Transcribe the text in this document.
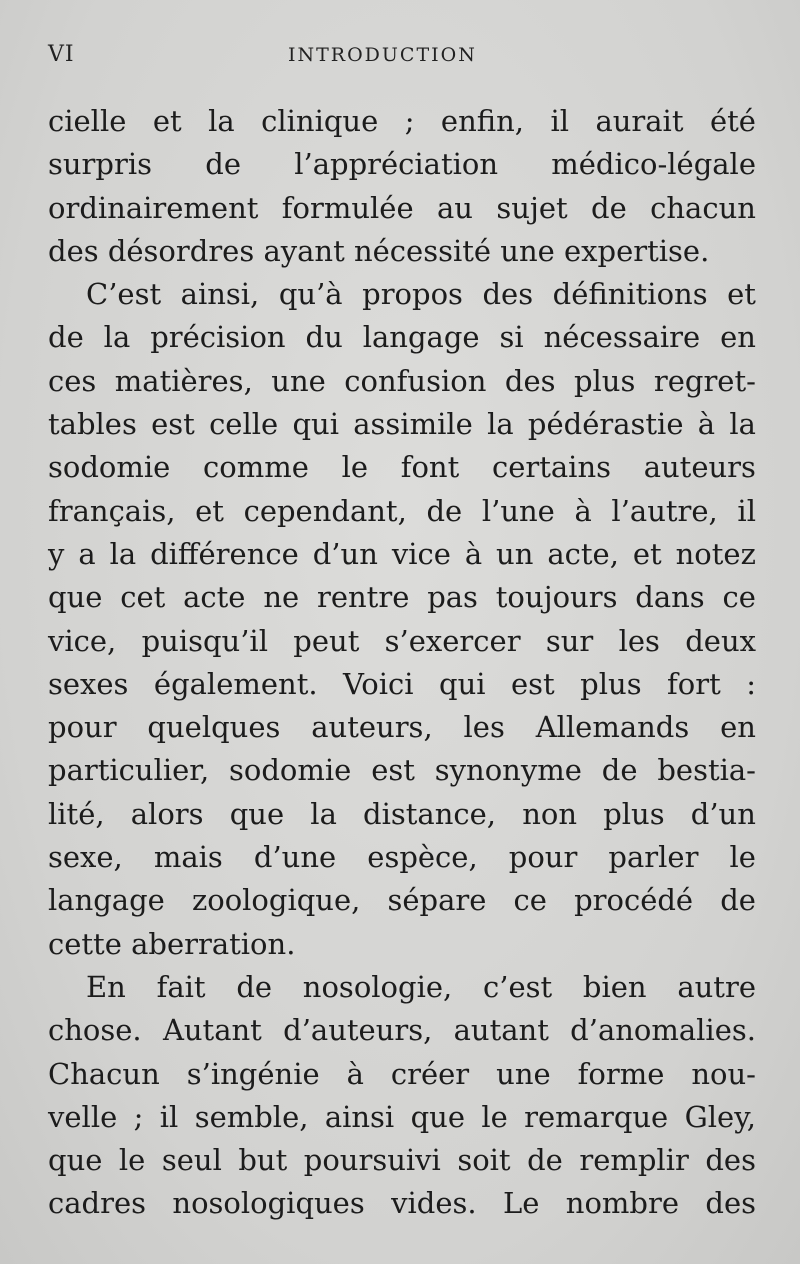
VI	INTRODUCTION
cielle et la clinique ; enfin, il aurait été
surpris de l’appréciation médico-légale
ordinairement formulée au sujet de chacun
des désordres ayant nécessité une expertise.
C’est ainsi, qu’à propos des définitions et
de la précision du langage si nécessaire en
ces matières, une confusion des plus regret-
tables est celle qui assimile la pédérastie à la
sodomie comme le font certains auteurs
français, et cependant, de l’une à l’autre, il
y a la différence d’un vice à un acte, et notez
que cet acte ne rentre pas toujours dans ce
vice, puisqu’il peut s’exercer sur les deux
sexes également. Voici qui est plus fort :
pour quelques auteurs, les Allemands en
particulier, sodomie est synonyme de bestia-
lité, alors que la distance, non plus d’un
sexe, mais d’une espèce, pour parler le
langage zoologique, sépare ce procédé de
cette aberration.
En fait de nosologie, c’est bien autre
chose. Autant d’auteurs, autant d’anomalies.
Chacun s’ingénie à créer une forme nou-
velle ; il semble, ainsi que le remarque Gley,
que le seul but poursuivi soit de remplir des
cadres nosologiques vides. Le nombre des
